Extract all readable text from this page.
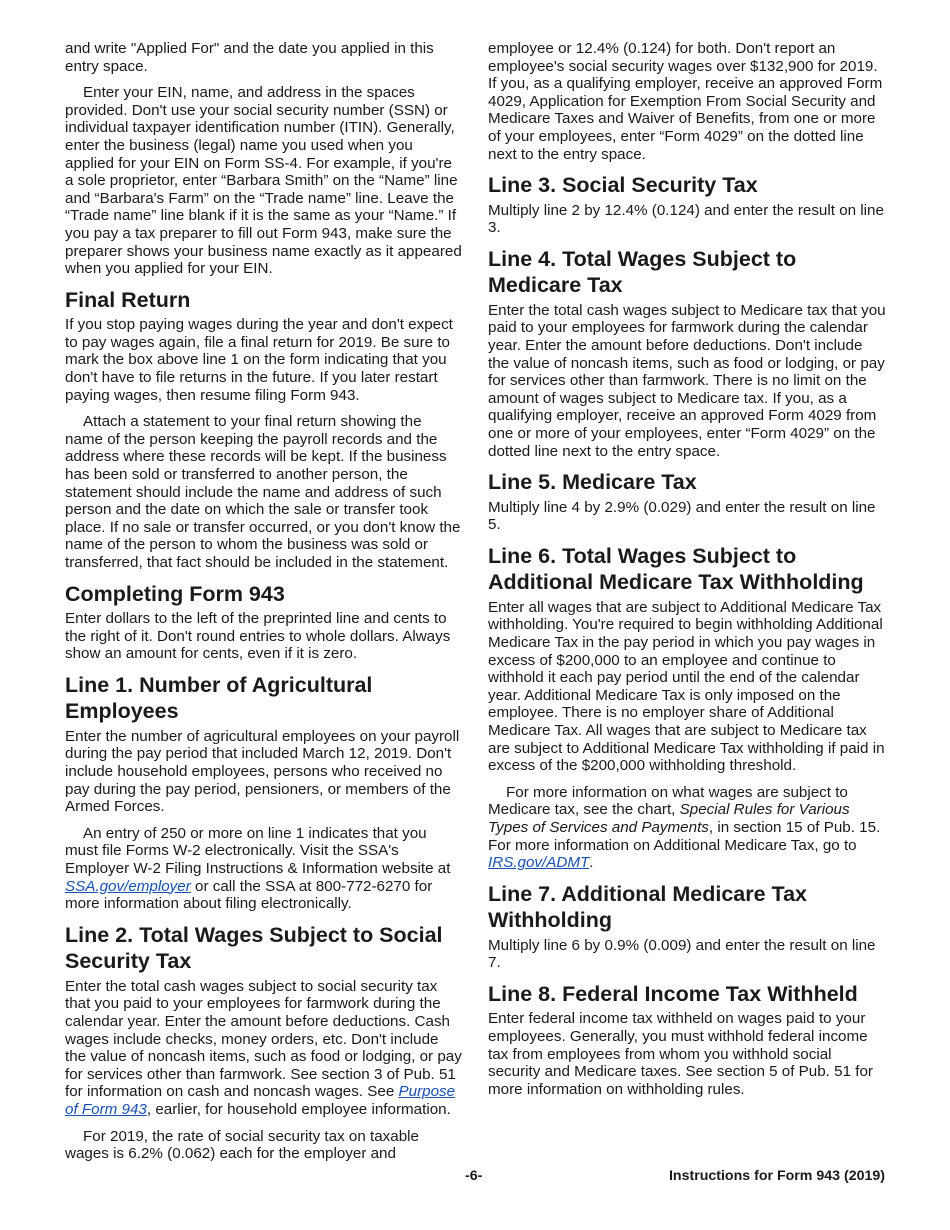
and write "Applied For" and the date you applied in this entry space.

Enter your EIN, name, and address in the spaces provided. Don't use your social security number (SSN) or individual taxpayer identification number (ITIN). Generally, enter the business (legal) name you used when you applied for your EIN on Form SS-4. For example, if you're a sole proprietor, enter “Barbara Smith” on the “Name” line and “Barbara's Farm” on the “Trade name” line. Leave the “Trade name” line blank if it is the same as your “Name.” If you pay a tax preparer to fill out Form 943, make sure the preparer shows your business name exactly as it appeared when you applied for your EIN.

Final Return

If you stop paying wages during the year and don't expect to pay wages again, file a final return for 2019. Be sure to mark the box above line 1 on the form indicating that you don't have to file returns in the future. If you later restart paying wages, then resume filing Form 943.

Attach a statement to your final return showing the name of the person keeping the payroll records and the address where these records will be kept. If the business has been sold or transferred to another person, the statement should include the name and address of such person and the date on which the sale or transfer took place. If no sale or transfer occurred, or you don't know the name of the person to whom the business was sold or transferred, that fact should be included in the statement.

Completing Form 943

Enter dollars to the left of the preprinted line and cents to the right of it. Don't round entries to whole dollars. Always show an amount for cents, even if it is zero.

Line 1. Number of Agricultural Employees

Enter the number of agricultural employees on your payroll during the pay period that included March 12, 2019. Don't include household employees, persons who received no pay during the pay period, pensioners, or members of the Armed Forces.

An entry of 250 or more on line 1 indicates that you must file Forms W-2 electronically. Visit the SSA's Employer W-2 Filing Instructions & Information website at SSA.gov/employer or call the SSA at 800-772-6270 for more information about filing electronically.

Line 2. Total Wages Subject to Social Security Tax

Enter the total cash wages subject to social security tax that you paid to your employees for farmwork during the calendar year. Enter the amount before deductions. Cash wages include checks, money orders, etc. Don't include the value of noncash items, such as food or lodging, or pay for services other than farmwork. See section 3 of Pub. 51 for information on cash and noncash wages. See Purpose of Form 943, earlier, for household employee information.

For 2019, the rate of social security tax on taxable wages is 6.2% (0.062) each for the employer and

employee or 12.4% (0.124) for both. Don't report an employee's social security wages over $132,900 for 2019. If you, as a qualifying employer, receive an approved Form 4029, Application for Exemption From Social Security and Medicare Taxes and Waiver of Benefits, from one or more of your employees, enter “Form 4029” on the dotted line next to the entry space.

Line 3. Social Security Tax

Multiply line 2 by 12.4% (0.124) and enter the result on line 3.

Line 4. Total Wages Subject to Medicare Tax

Enter the total cash wages subject to Medicare tax that you paid to your employees for farmwork during the calendar year. Enter the amount before deductions. Don't include the value of noncash items, such as food or lodging, or pay for services other than farmwork. There is no limit on the amount of wages subject to Medicare tax. If you, as a qualifying employer, receive an approved Form 4029 from one or more of your employees, enter “Form 4029” on the dotted line next to the entry space.

Line 5. Medicare Tax

Multiply line 4 by 2.9% (0.029) and enter the result on line 5.

Line 6. Total Wages Subject to Additional Medicare Tax Withholding

Enter all wages that are subject to Additional Medicare Tax withholding. You're required to begin withholding Additional Medicare Tax in the pay period in which you pay wages in excess of $200,000 to an employee and continue to withhold it each pay period until the end of the calendar year. Additional Medicare Tax is only imposed on the employee. There is no employer share of Additional Medicare Tax. All wages that are subject to Medicare tax are subject to Additional Medicare Tax withholding if paid in excess of the $200,000 withholding threshold.

For more information on what wages are subject to Medicare tax, see the chart, Special Rules for Various Types of Services and Payments, in section 15 of Pub. 15. For more information on Additional Medicare Tax, go to IRS.gov/ADMT.

Line 7. Additional Medicare Tax Withholding

Multiply line 6 by 0.9% (0.009) and enter the result on line 7.

Line 8. Federal Income Tax Withheld

Enter federal income tax withheld on wages paid to your employees. Generally, you must withhold federal income tax from employees from whom you withhold social security and Medicare taxes. See section 5 of Pub. 51 for more information on withholding rules.

-6-	Instructions for Form 943 (2019)
